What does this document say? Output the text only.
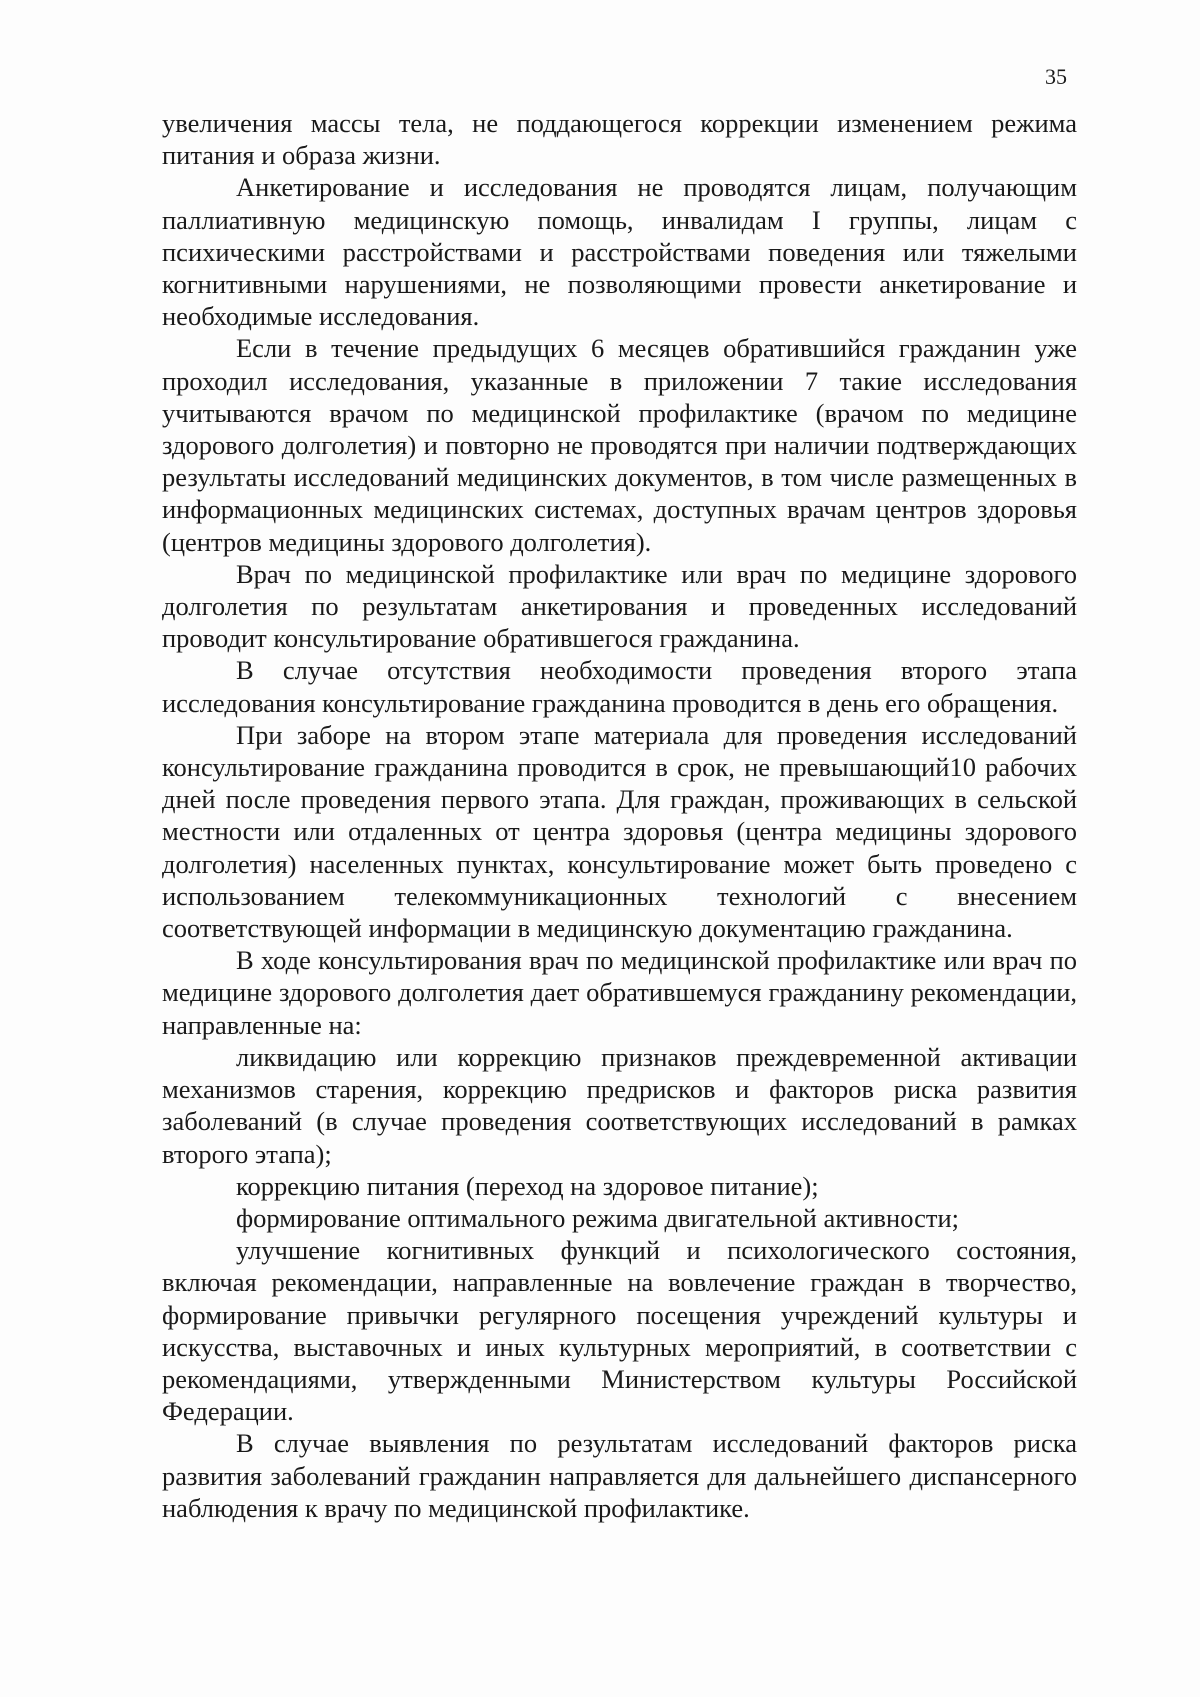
35

увеличения массы тела, не поддающегося коррекции изменением режима питания и образа жизни.

Анкетирование и исследования не проводятся лицам, получающим паллиативную медицинскую помощь, инвалидам I группы, лицам с психическими расстройствами и расстройствами поведения или тяжелыми когнитивными нарушениями, не позволяющими провести анкетирование и необходимые исследования.

Если в течение предыдущих 6 месяцев обратившийся гражданин уже проходил исследования, указанные в приложении 7 такие исследования учитываются врачом по медицинской профилактике (врачом по медицине здорового долголетия) и повторно не проводятся при наличии подтверждающих результаты исследований медицинских документов, в том числе размещенных в информационных медицинских системах, доступных врачам центров здоровья (центров медицины здорового долголетия).

Врач по медицинской профилактике или врач по медицине здорового долголетия по результатам анкетирования и проведенных исследований проводит консультирование обратившегося гражданина.

В случае отсутствия необходимости проведения второго этапа исследования консультирование гражданина проводится в день его обращения.

При заборе на втором этапе материала для проведения исследований консультирование гражданина проводится в срок, не превышающий10 рабочих дней после проведения первого этапа. Для граждан, проживающих в сельской местности или отдаленных от центра здоровья (центра медицины здорового долголетия) населенных пунктах, консультирование может быть проведено с использованием телекоммуникационных технологий с внесением соответствующей информации в медицинскую документацию гражданина.

В ходе консультирования врач по медицинской профилактике или врач по медицине здорового долголетия дает обратившемуся гражданину рекомендации, направленные на:

ликвидацию или коррекцию признаков преждевременной активации механизмов старения, коррекцию предрисков и факторов риска развития заболеваний (в случае проведения соответствующих исследований в рамках второго этапа);

коррекцию питания (переход на здоровое питание);

формирование оптимального режима двигательной активности;

улучшение когнитивных функций и психологического состояния, включая рекомендации, направленные на вовлечение граждан в творчество, формирование привычки регулярного посещения учреждений культуры и искусства, выставочных и иных культурных мероприятий, в соответствии с рекомендациями, утвержденными Министерством культуры Российской Федерации.

В случае выявления по результатам исследований факторов риска развития заболеваний гражданин направляется для дальнейшего диспансерного наблюдения к врачу по медицинской профилактике.
